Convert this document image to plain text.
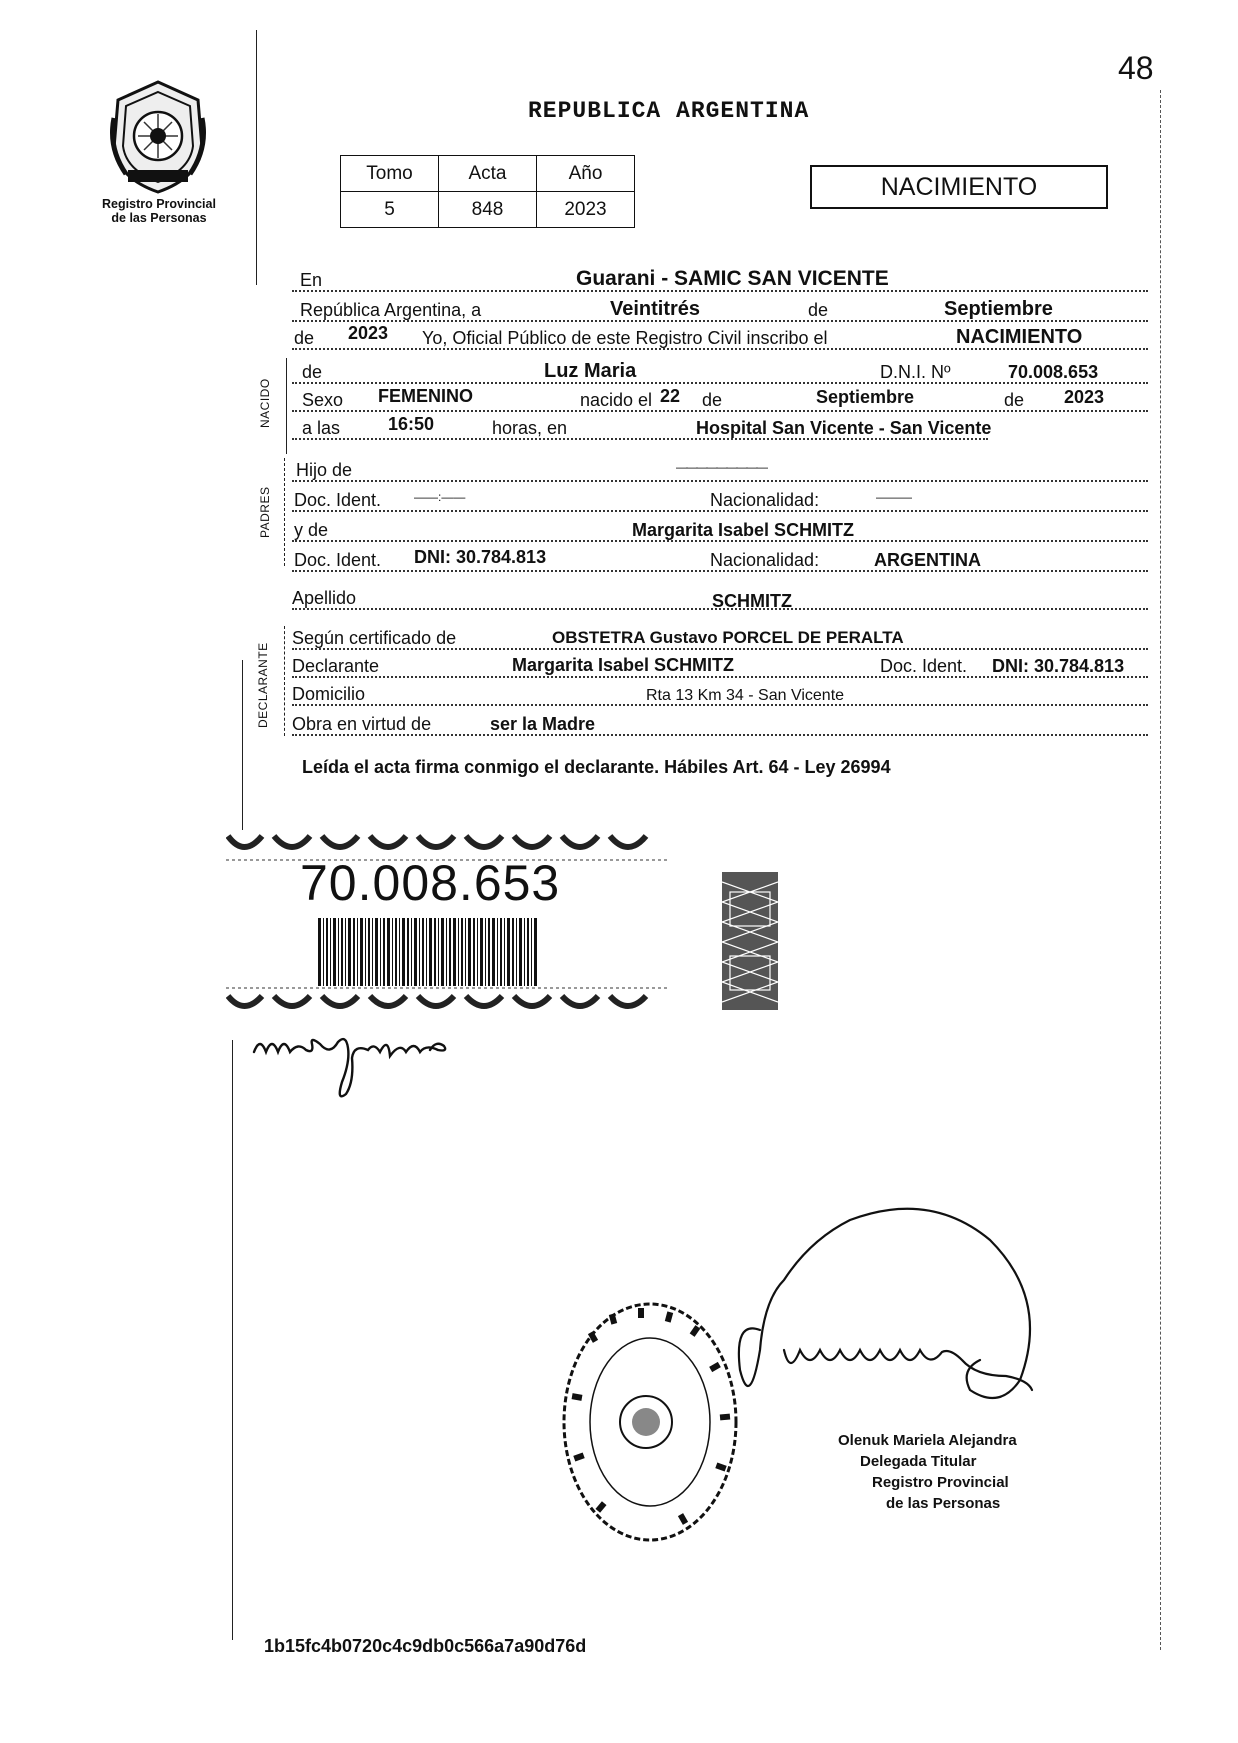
48
Registro Provincial
de las Personas
REPUBLICA ARGENTINA
Tomo	Acta	Año
5	848	2023
NACIMIENTO
NACIDO
PADRES
DECLARANTE
En	Guarani - SAMIC SAN VICENTE
República Argentina, a	Veintitrés	de	Septiembre
de 2023 Yo, Oficial Público de este Registro Civil inscribo el	NACIMIENTO
de	Luz Maria	D.N.I. Nº	70.008.653
Sexo FEMENINO	nacido el 22 de	Septiembre	de 2023
a las	16:50	horas, en	Hospital San Vicente - San Vicente
Hijo de	—————————
Doc. Ident.	——:——	Nacionalidad:	———
y de	Margarita Isabel SCHMITZ
Doc. Ident. DNI: 30.784.813	Nacionalidad:	ARGENTINA
Apellido	SCHMITZ
Según certificado de	OBSTETRA Gustavo PORCEL DE PERALTA
Declarante	Margarita Isabel SCHMITZ	Doc. Ident. DNI: 30.784.813
Domicilio	Rta 13 Km 34 - San Vicente
Obra en virtud de	ser la Madre
Leída el acta firma conmigo el declarante. Hábiles Art. 64 - Ley 26994
70.008.653
Olenuk Mariela Alejandra
Delegada Titular
Registro Provincial
de las Personas
1b15fc4b0720c4c9db0c566a7a90d76d
